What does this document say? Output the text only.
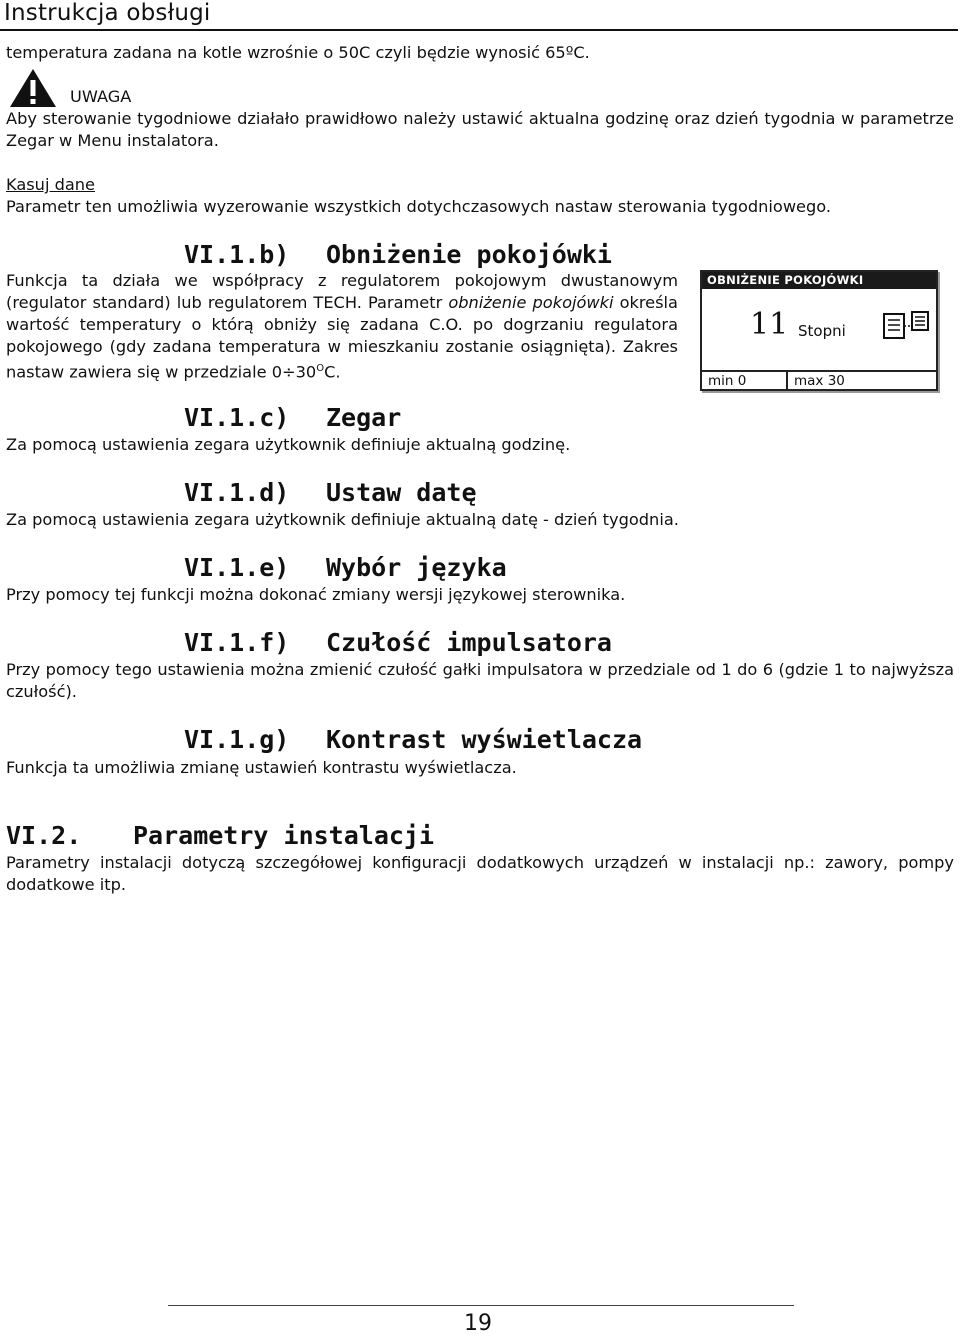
Instrukcja obsługi
temperatura zadana na kotle wzrośnie o 50C czyli będzie wynosić 65ºC.
UWAGA
Aby sterowanie tygodniowe działało prawidłowo należy ustawić aktualna godzinę oraz dzień tygodnia w parametrze Zegar w Menu instalatora.
Kasuj dane
Parametr ten umożliwia wyzerowanie wszystkich dotychczasowych nastaw sterowania tygodniowego.
VI.1.b) Obniżenie pokojówki
Funkcja ta działa we współpracy z regulatorem pokojowym dwustanowym (regulator standard) lub regulatorem TECH. Parametr obniżenie pokojówki określa wartość temperatury o którą obniży się zadana C.O. po dogrzaniu regulatora pokojowego (gdy zadana temperatura w mieszkaniu zostanie osiągnięta). Zakres nastaw zawiera się w przedziale $0\div 30^OC$.
OBNIŻENIE POKOJÓWKI
11 Stopni
min 0	max 30
VI.1.c) Zegar
Za pomocą ustawienia zegara użytkownik definiuje aktualną godzinę.
VI.1.d) Ustaw datę
Za pomocą ustawienia zegara użytkownik definiuje aktualną datę - dzień tygodnia.
VI.1.e) Wybór języka
Przy pomocy tej funkcji można dokonać zmiany wersji językowej sterownika.
VI.1.f) Czułość impulsatora
Przy pomocy tego ustawienia można zmienić czułość gałki impulsatora w przedziale od 1 do 6 (gdzie 1 to najwyższa czułość).
VI.1.g) Kontrast wyświetlacza
Funkcja ta umożliwia zmianę ustawień kontrastu wyświetlacza.
VI.2. Parametry instalacji
Parametry instalacji dotyczą szczegółowej konfiguracji dodatkowych urządzeń w instalacji np.: zawory, pompy dodatkowe itp.
19
